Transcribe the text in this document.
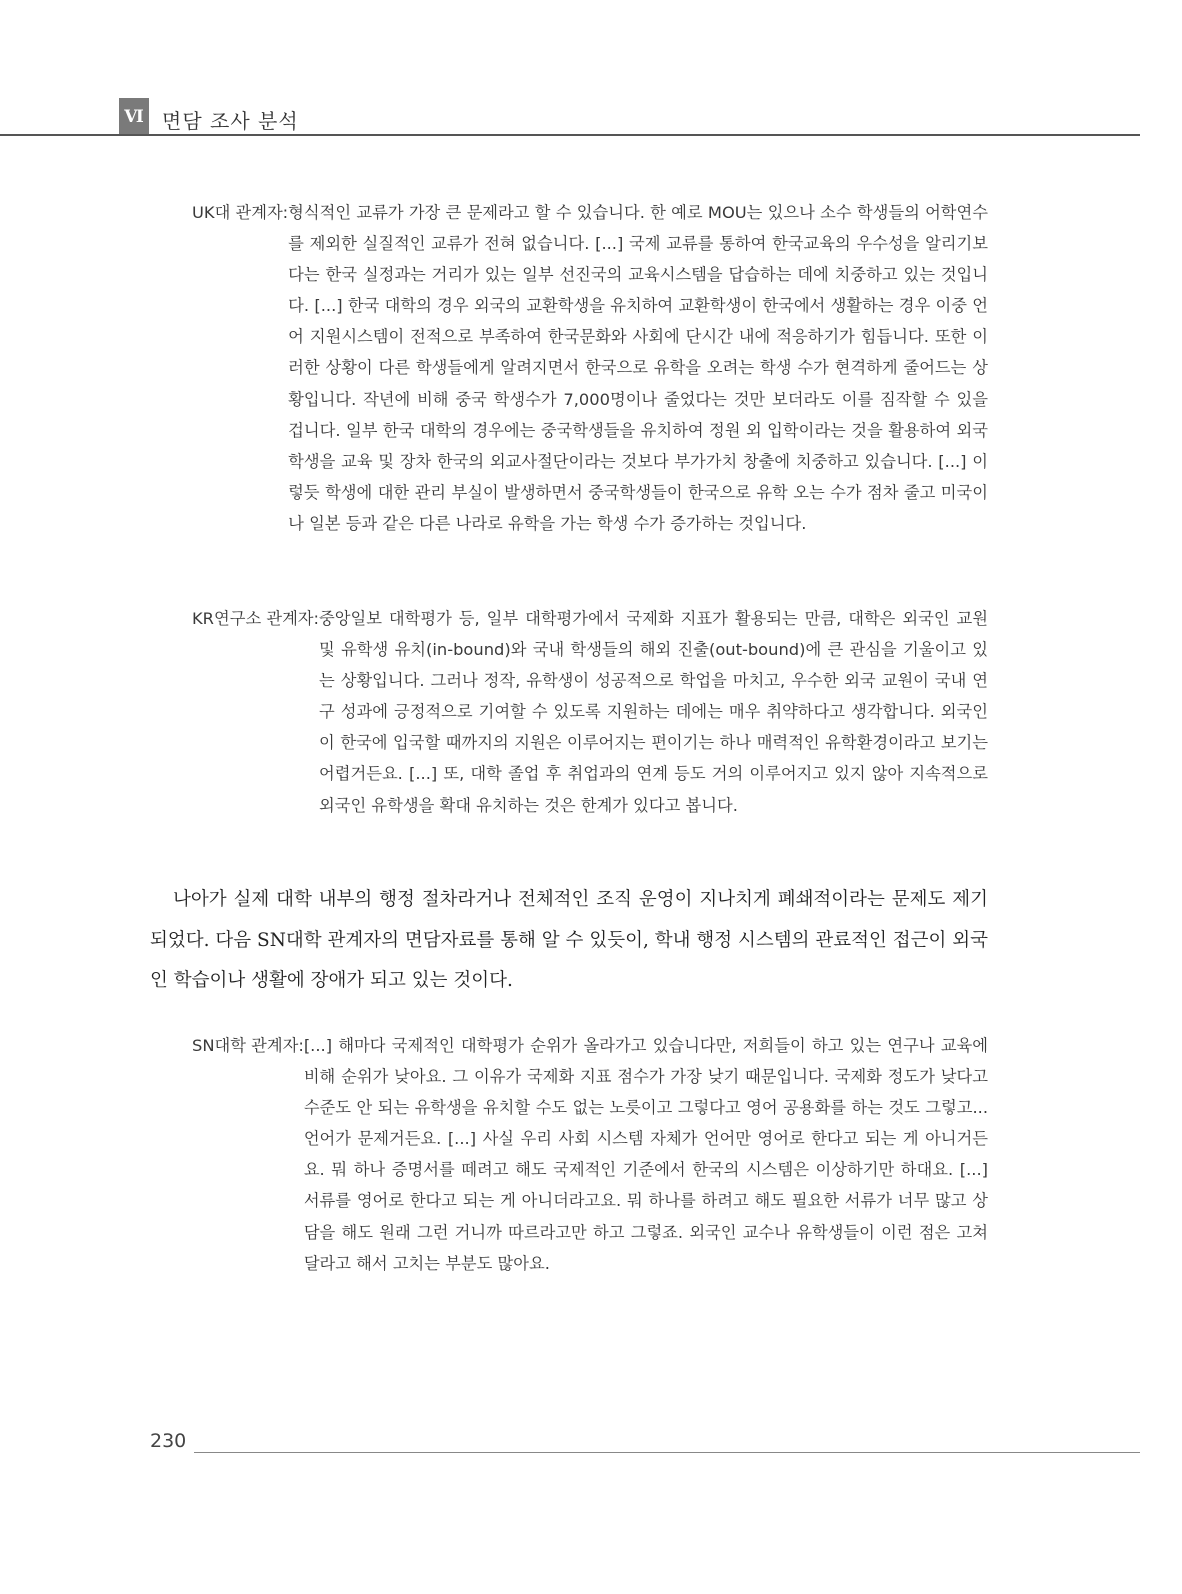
Ⅵ 면담 조사 분석
UK대 관계자: 형식적인 교류가 가장 큰 문제라고 할 수 있습니다. 한 예로 MOU는 있으나 소수 학생들의 어학연수를 제외한 실질적인 교류가 전혀 없습니다. [...] 국제 교류를 통하여 한국교육의 우수성을 알리기보다는 한국 실정과는 거리가 있는 일부 선진국의 교육시스템을 답습하는 데에 치중하고 있는 것입니다. [...] 한국 대학의 경우 외국의 교환학생을 유치하여 교환학생이 한국에서 생활하는 경우 이중 언어 지원시스템이 전적으로 부족하여 한국문화와 사회에 단시간 내에 적응하기가 힘듭니다. 또한 이러한 상황이 다른 학생들에게 알려지면서 한국으로 유학을 오려는 학생 수가 현격하게 줄어드는 상황입니다. 작년에 비해 중국 학생수가 7,000명이나 줄었다는 것만 보더라도 이를 짐작할 수 있을 겁니다. 일부 한국 대학의 경우에는 중국학생들을 유치하여 정원 외 입학이라는 것을 활용하여 외국학생을 교육 및 장차 한국의 외교사절단이라는 것보다 부가가치 창출에 치중하고 있습니다. [...] 이렇듯 학생에 대한 관리 부실이 발생하면서 중국학생들이 한국으로 유학 오는 수가 점차 줄고 미국이나 일본 등과 같은 다른 나라로 유학을 가는 학생 수가 증가하는 것입니다.
KR연구소 관계자: 중앙일보 대학평가 등, 일부 대학평가에서 국제화 지표가 활용되는 만큼, 대학은 외국인 교원 및 유학생 유치(in-bound)와 국내 학생들의 해외 진출(out-bound)에 큰 관심을 기울이고 있는 상황입니다. 그러나 정작, 유학생이 성공적으로 학업을 마치고, 우수한 외국 교원이 국내 연구 성과에 긍정적으로 기여할 수 있도록 지원하는 데에는 매우 취약하다고 생각합니다. 외국인이 한국에 입국할 때까지의 지원은 이루어지는 편이기는 하나 매력적인 유학환경이라고 보기는 어렵거든요. [...] 또, 대학 졸업 후 취업과의 연계 등도 거의 이루어지고 있지 않아 지속적으로 외국인 유학생을 확대 유치하는 것은 한계가 있다고 봅니다.
나아가 실제 대학 내부의 행정 절차라거나 전체적인 조직 운영이 지나치게 폐쇄적이라는 문제도 제기되었다. 다음 SN대학 관계자의 면담자료를 통해 알 수 있듯이, 학내 행정 시스템의 관료적인 접근이 외국인 학습이나 생활에 장애가 되고 있는 것이다.
SN대학 관계자: [...] 해마다 국제적인 대학평가 순위가 올라가고 있습니다만, 저희들이 하고 있는 연구나 교육에 비해 순위가 낮아요. 그 이유가 국제화 지표 점수가 가장 낮기 때문입니다. 국제화 정도가 낮다고 수준도 안 되는 유학생을 유치할 수도 없는 노릇이고 그렇다고 영어 공용화를 하는 것도 그렇고... 언어가 문제거든요. [...] 사실 우리 사회 시스템 자체가 언어만 영어로 한다고 되는 게 아니거든요. 뭐 하나 증명서를 떼려고 해도 국제적인 기준에서 한국의 시스템은 이상하기만 하대요. [...] 서류를 영어로 한다고 되는 게 아니더라고요. 뭐 하나를 하려고 해도 필요한 서류가 너무 많고 상담을 해도 원래 그런 거니까 따르라고만 하고 그렇죠. 외국인 교수나 유학생들이 이런 점은 고쳐달라고 해서 고치는 부분도 많아요.
230
